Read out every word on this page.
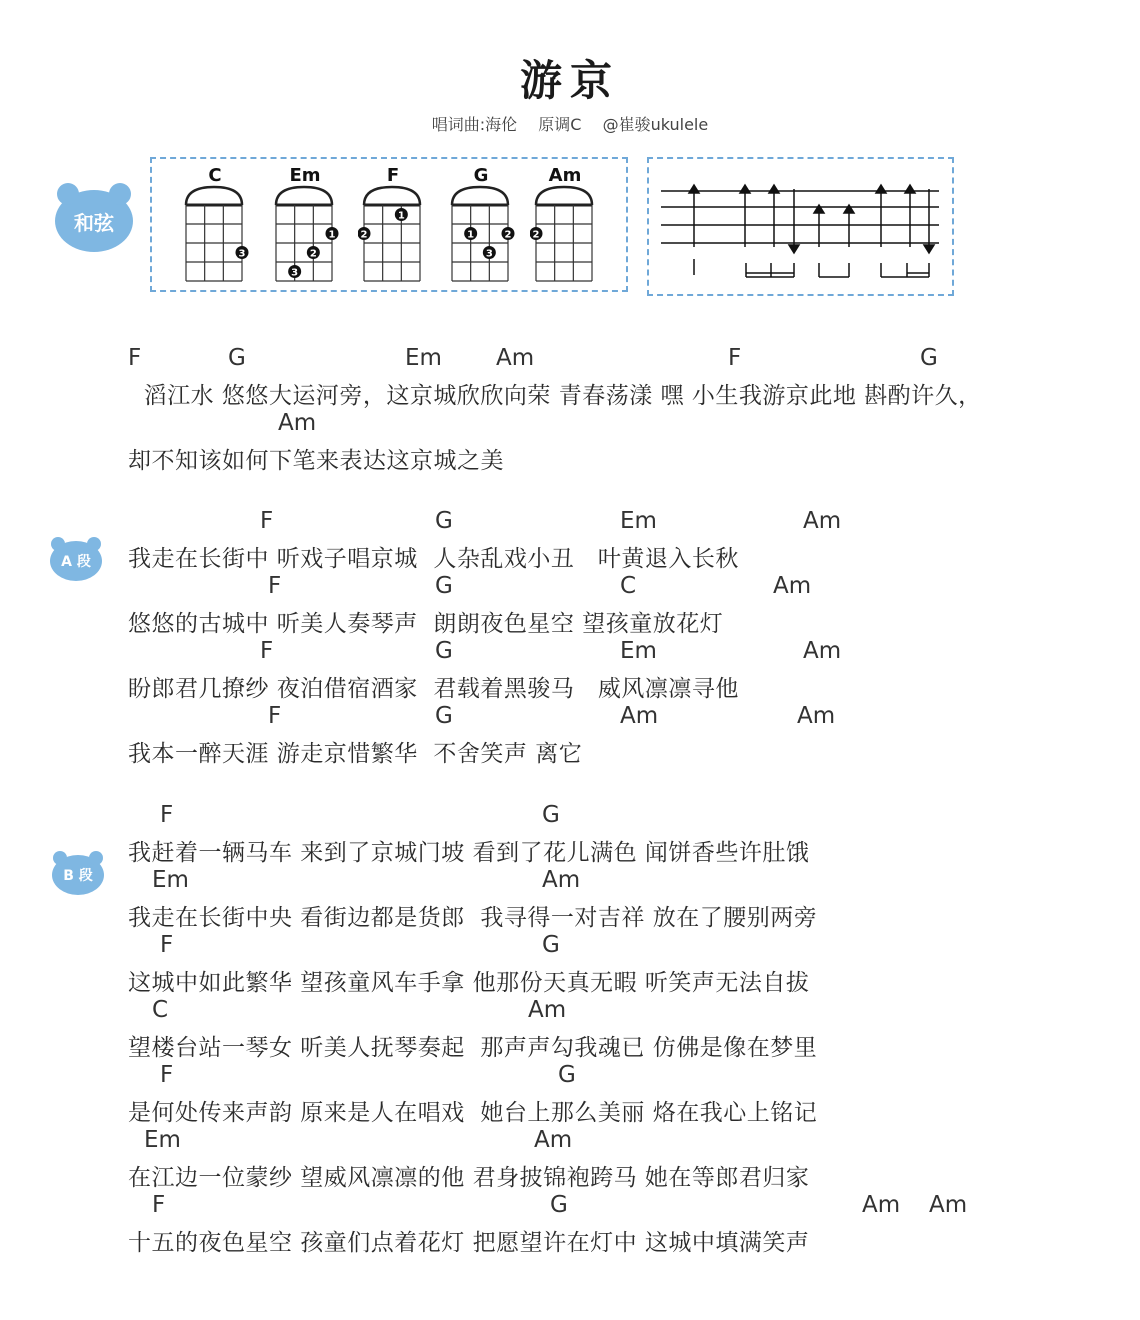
游京
唱词曲:海伦 原调C @崔骏ukulele
和弦
C
3
Em
1
2
3
F
1
2
G
1	2
3
Am
2
A 段
B 段
F	G	Em Am	F	G
滔江水 悠悠大运河旁，这京城欣欣向荣 青春荡漾 嘿 小生我游京此地 斟酌许久，
Am
却不知该如何下笔来表达这京城之美
F	G	Em	Am
我走在长街中 听戏子唱京城  人杂乱戏小丑   叶黄退入长秋
F	G	C	Am
悠悠的古城中 听美人奏琴声  朗朗夜色星空 望孩童放花灯
F	G	Em	Am
盼郎君几撩纱 夜泊借宿酒家  君载着黑骏马   威风凛凛寻他
F	G	Am	Am
我本一醉天涯 游走京惜繁华  不舍笑声 离它
F	G
我赶着一辆马车 来到了京城门坡 看到了花儿满色 闻饼香些许肚饿
Em	Am
我走在长街中央 看街边都是货郎  我寻得一对吉祥 放在了腰别两旁
F	G
这城中如此繁华 望孩童风车手拿 他那份天真无暇 听笑声无法自拔
C	Am
望楼台站一琴女 听美人抚琴奏起  那声声勾我魂已 仿佛是像在梦里
F	G
是何处传来声韵 原来是人在唱戏  她台上那么美丽 烙在我心上铭记
Em	Am
在江边一位蒙纱 望威风凛凛的他 君身披锦袍跨马 她在等郎君归家
F	G	Am Am
十五的夜色星空 孩童们点着花灯 把愿望许在灯中 这城中填满笑声
